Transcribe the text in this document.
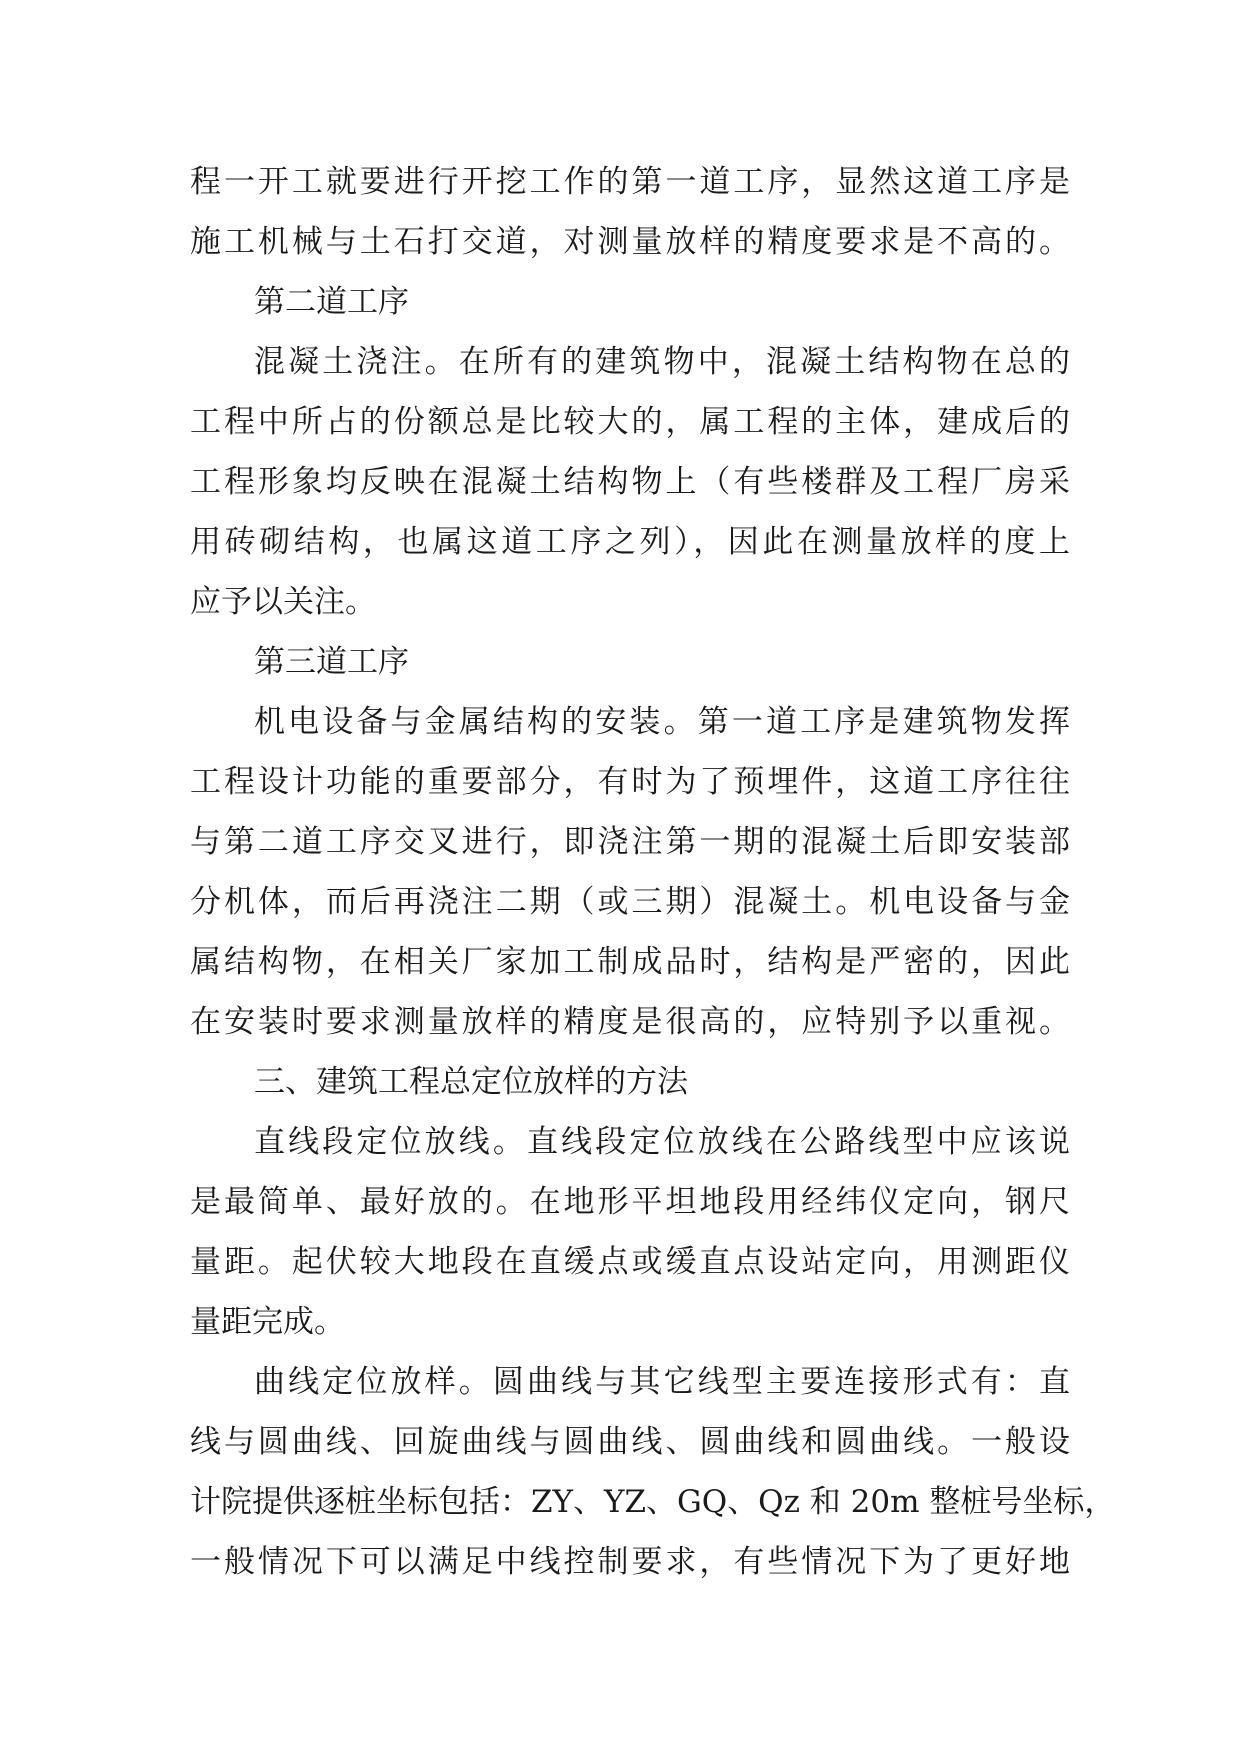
程一开工就要进行开挖工作的第一道工序，显然这道工序是
施工机械与土石打交道，对测量放样的精度要求是不高的。
第二道工序
混凝土浇注。在所有的建筑物中，混凝土结构物在总的
工程中所占的份额总是比较大的，属工程的主体，建成后的
工程形象均反映在混凝土结构物上（有些楼群及工程厂房采
用砖砌结构，也属这道工序之列），因此在测量放样的度上
应予以关注。
第三道工序
机电设备与金属结构的安装。第一道工序是建筑物发挥
工程设计功能的重要部分，有时为了预埋件，这道工序往往
与第二道工序交叉进行，即浇注第一期的混凝土后即安装部
分机体，而后再浇注二期（或三期）混凝土。机电设备与金
属结构物，在相关厂家加工制成品时，结构是严密的，因此
在安装时要求测量放样的精度是很高的，应特别予以重视。
三、建筑工程总定位放样的方法
直线段定位放线。直线段定位放线在公路线型中应该说
是最简单、最好放的。在地形平坦地段用经纬仪定向，钢尺
量距。起伏较大地段在直缓点或缓直点设站定向，用测距仪
量距完成。
曲线定位放样。圆曲线与其它线型主要连接形式有：直
线与圆曲线、回旋曲线与圆曲线、圆曲线和圆曲线。一般设
计院提供逐桩坐标包括：ZY、YZ、GQ、Qz 和 20m 整桩号坐标，
一般情况下可以满足中线控制要求，有些情况下为了更好地
